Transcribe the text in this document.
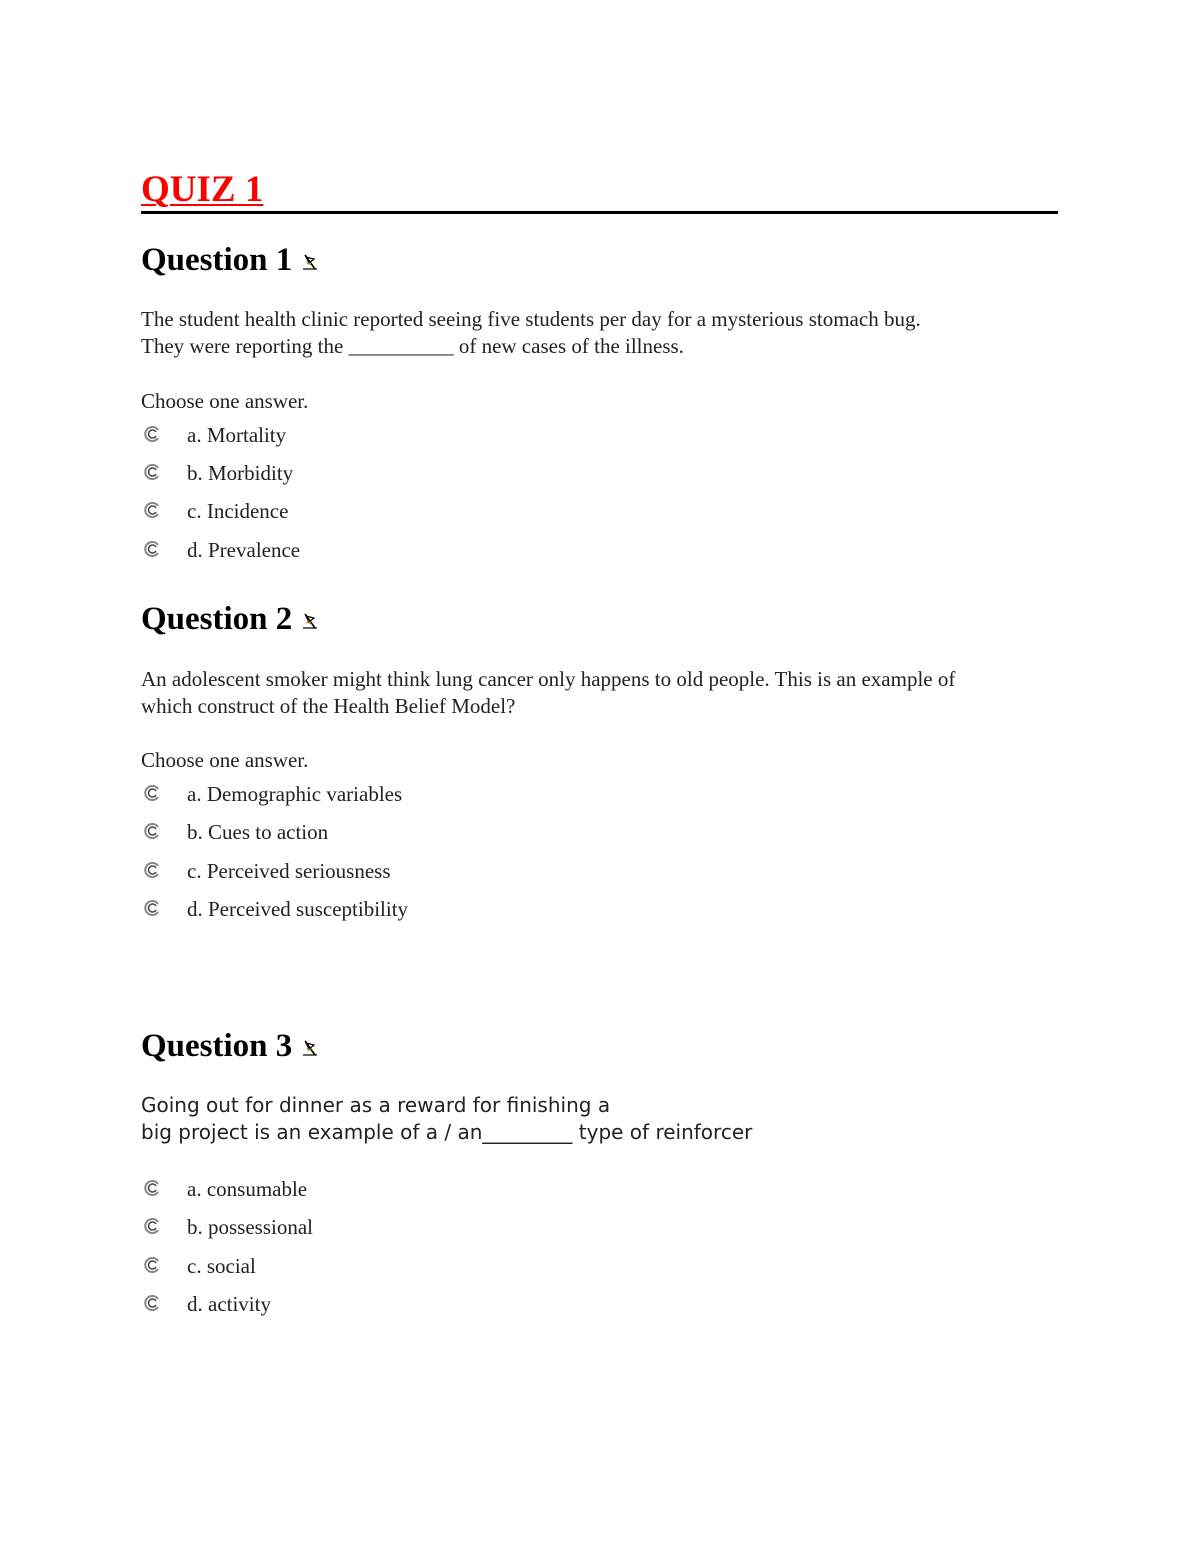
QUIZ 1
Question 1
The student health clinic reported seeing five students per day for a mysterious stomach bug.
They were reporting the __________ of new cases of the illness.
Choose one answer.
a. Mortality
b. Morbidity
c. Incidence
d. Prevalence
Question 2
An adolescent smoker might think lung cancer only happens to old people. This is an example of
which construct of the Health Belief Model?
Choose one answer.
a. Demographic variables
b. Cues to action
c. Perceived seriousness
d. Perceived susceptibility
Question 3
Going out for dinner as a reward for finishing a
big project is an example of a / an_________ type of reinforcer
a. consumable
b. possessional
c. social
d. activity
